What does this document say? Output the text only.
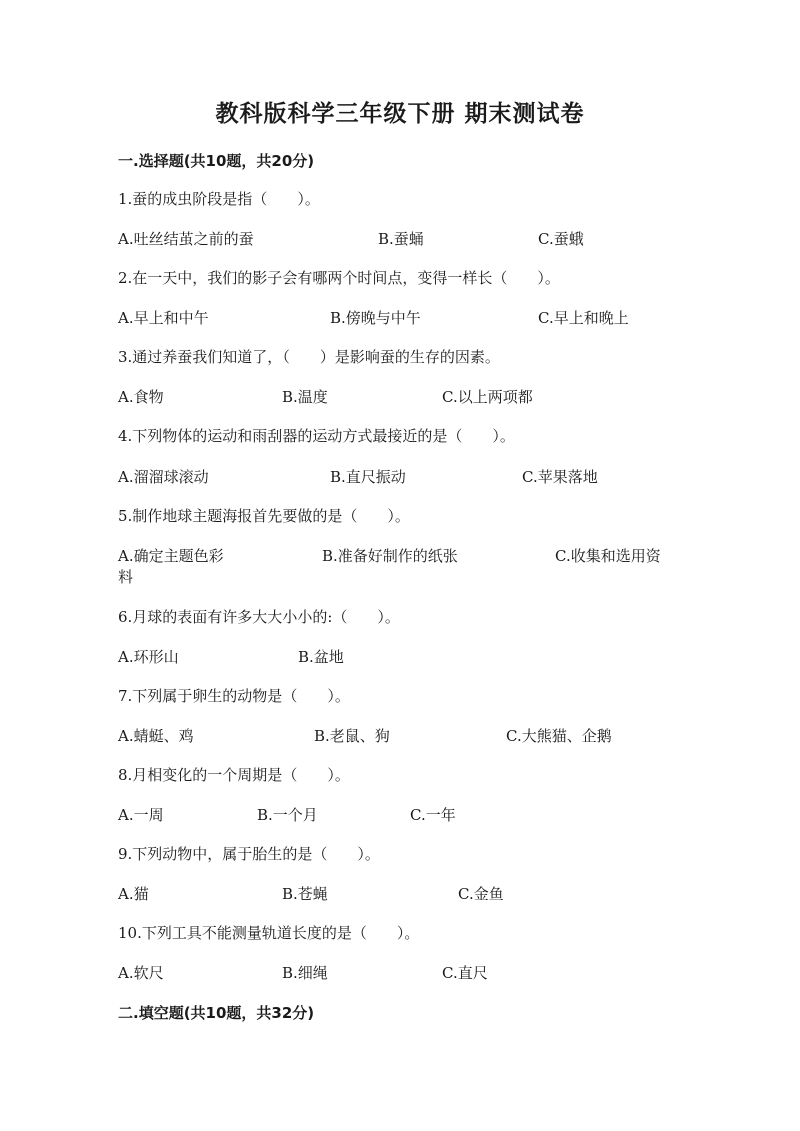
教科版科学三年级下册 期末测试卷
一.选择题(共10题，共20分)
1.蚕的成虫阶段是指（　　）。
A.吐丝结茧之前的蚕	B.蚕蛹	C.蚕蛾
2.在一天中，我们的影子会有哪两个时间点，变得一样长（　　）。
A.早上和中午	B.傍晚与中午	C.早上和晚上
3.通过养蚕我们知道了，（　　）是影响蚕的生存的因素。
A.食物	B.温度	C.以上两项都
4.下列物体的运动和雨刮器的运动方式最接近的是（　　）。
A.溜溜球滚动	B.直尺振动	C.苹果落地
5.制作地球主题海报首先要做的是（　　）。
A.确定主题色彩	B.准备好制作的纸张	C.收集和选用资
料
6.月球的表面有许多大大小小的:（　　）。
A.环形山	B.盆地
7.下列属于卵生的动物是（　　）。
A.蜻蜓、鸡	B.老鼠、狗	C.大熊猫、企鹅
8.月相变化的一个周期是（　　）。
A.一周	B.一个月	C.一年
9.下列动物中，属于胎生的是（　　）。
A.猫	B.苍蝇	C.金鱼
10.下列工具不能测量轨道长度的是（　　）。
A.软尺	B.细绳	C.直尺
二.填空题(共10题，共32分)
